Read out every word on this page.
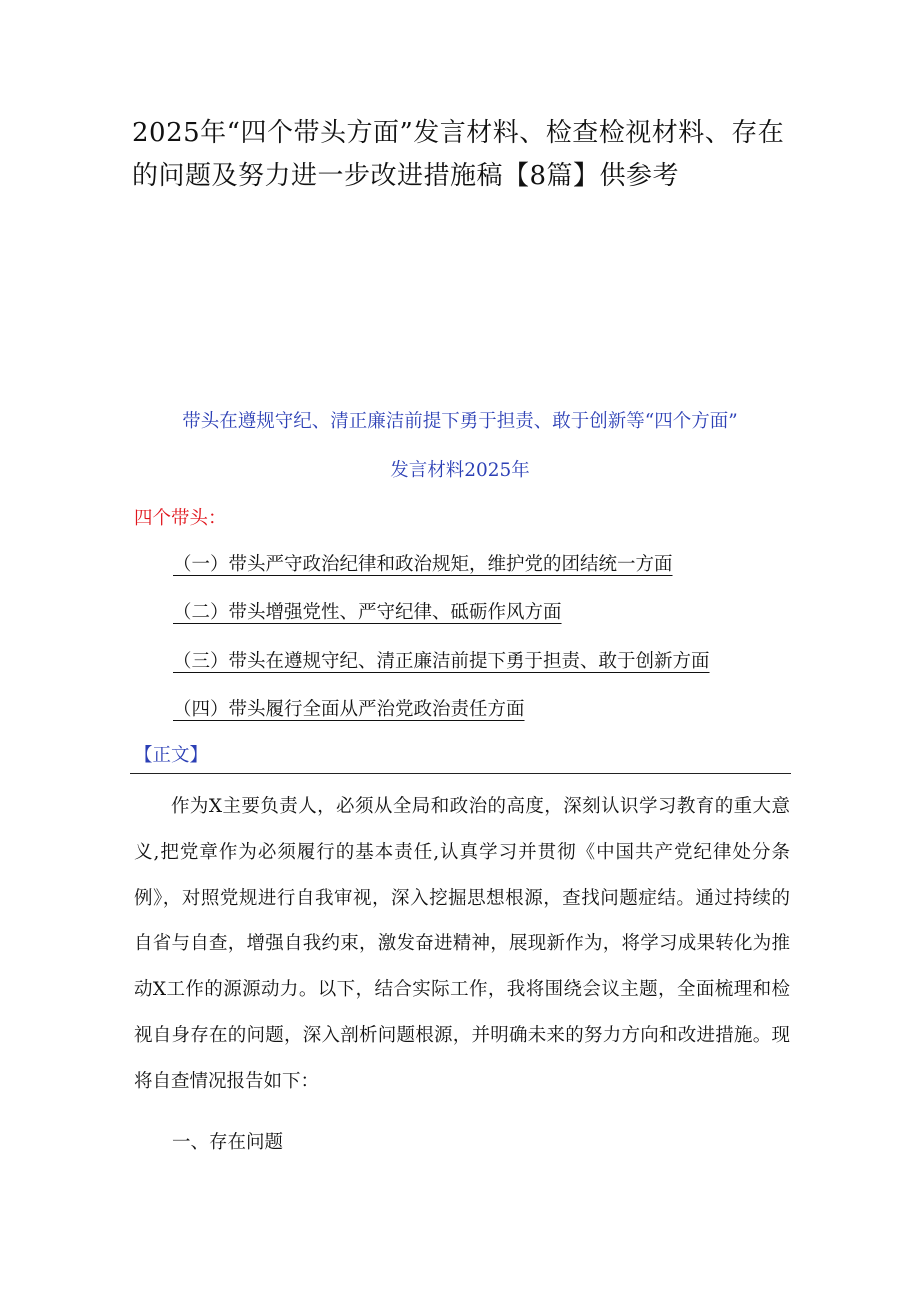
2025年“四个带头方面”发言材料、检查检视材料、存在的问题及努力进一步改进措施稿【8篇】供参考

带头在遵规守纪、清正廉洁前提下勇于担责、敢于创新等“四个方面”

发言材料2025年

四个带头：

（一）带头严守政治纪律和政治规矩，维护党的团结统一方面

（二）带头增强党性、严守纪律、砥砺作风方面

（三）带头在遵规守纪、清正廉洁前提下勇于担责、敢于创新方面

（四）带头履行全面从严治党政治责任方面

【正文】

作为X主要负责人，必须从全局和政治的高度，深刻认识学习教育的重大意义,把党章作为必须履行的基本责任,认真学习并贯彻《中国共产党纪律处分条例》，对照党规进行自我审视，深入挖掘思想根源，查找问题症结。通过持续的自省与自查，增强自我约束，激发奋进精神，展现新作为，将学习成果转化为推动X工作的源源动力。以下，结合实际工作，我将围绕会议主题，全面梳理和检视自身存在的问题，深入剖析问题根源，并明确未来的努力方向和改进措施。现将自查情况报告如下：

一、存在问题
